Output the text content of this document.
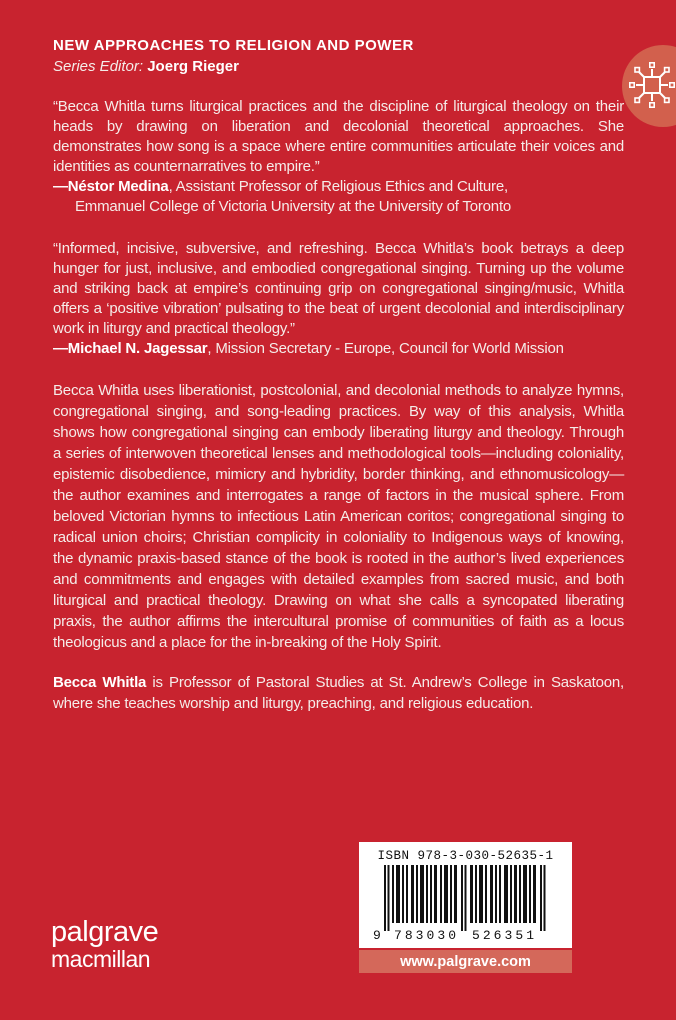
NEW APPROACHES TO RELIGION AND POWER
Series Editor: Joerg Rieger
“Becca Whitla turns liturgical practices and the discipline of liturgical theology on their heads by drawing on liberation and decolonial theoretical approaches. She demonstrates how song is a space where entire communities articulate their voices and identities as counternarratives to empire.”
—Néstor Medina, Assistant Professor of Religious Ethics and Culture,
Emmanuel College of Victoria University at the University of Toronto
“Informed, incisive, subversive, and refreshing. Becca Whitla’s book betrays a deep hunger for just, inclusive, and embodied congregational singing. Turning up the volume and striking back at empire’s continuing grip on congregational singing/music, Whitla offers a ‘positive vibration’ pulsating to the beat of urgent decolonial and interdisciplinary work in liturgy and practical theology.”
—Michael N. Jagessar, Mission Secretary - Europe, Council for World Mission
Becca Whitla uses liberationist, postcolonial, and decolonial methods to analyze hymns, congregational singing, and song-leading practices. By way of this analysis, Whitla shows how congregational singing can embody liberating liturgy and theology. Through a series of interwoven theoretical lenses and methodological tools—including coloniality, epistemic disobedience, mimicry and hybridity, border thinking, and ethnomusicology—the author examines and interrogates a range of factors in the musical sphere. From beloved Victorian hymns to infectious Latin American coritos; congregational singing to radical union choirs; Christian complicity in coloniality to Indigenous ways of knowing, the dynamic praxis-based stance of the book is rooted in the author’s lived experiences and commitments and engages with detailed examples from sacred music, and both liturgical and practical theology. Drawing on what she calls a syncopated liberating praxis, the author affirms the intercultural promise of communities of faith as a locus theologicus and a place for the in-breaking of the Holy Spirit.
Becca Whitla is Professor of Pastoral Studies at St. Andrew’s College in Saskatoon, where she teaches worship and liturgy, preaching, and religious education.
palgrave
macmillan
ISBN 978-3-030-52635-1
9 783030 526351
www.palgrave.com
